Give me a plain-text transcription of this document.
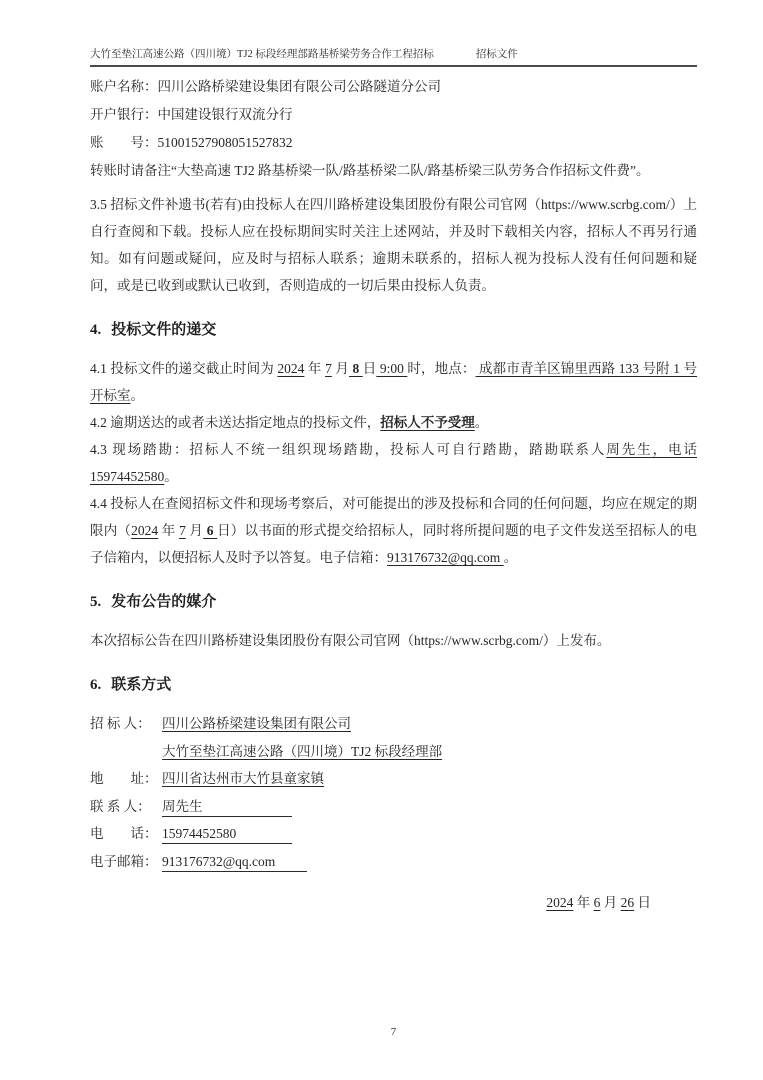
大竹至垫江高速公路（四川境）TJ2 标段经理部路基桥梁劳务合作工程招标	招标文件

账户名称：四川公路桥梁建设集团有限公司公路隧道分公司

开户银行：中国建设银行双流分行

账　　号：51001527908051527832

转账时请备注“大垫高速 TJ2 路基桥梁一队/路基桥梁二队/路基桥梁三队劳务合作招标文件费”。

3.5 招标文件补遗书(若有)由投标人在四川路桥建设集团股份有限公司官网（https://www.scrbg.com/）上自行查阅和下载。投标人应在投标期间实时关注上述网站，并及时下载相关内容，招标人不再另行通知。如有问题或疑问，应及时与招标人联系；逾期未联系的，招标人视为投标人没有任何问题和疑问，或是已收到或默认已收到，否则造成的一切后果由投标人负责。

4. 投标文件的递交

4.1 投标文件的递交截止时间为 2024 年 7 月 8 日 9:00 时，地点： 成都市青羊区锦里西路 133 号附 1 号开标室。

4.2 逾期送达的或者未送达指定地点的投标文件，招标人不予受理。

4.3 现场踏勘：招标人不统一组织现场踏勘，投标人可自行踏勘，踏勘联系人周先生，电话 15974452580。

4.4 投标人在查阅招标文件和现场考察后，对可能提出的涉及投标和合同的任何问题，均应在规定的期限内（2024 年 7 月 6 日）以书面的形式提交给招标人，同时将所提问题的电子文件发送至招标人的电子信箱内，以便招标人及时予以答复。电子信箱：913176732@qq.com 。

5. 发布公告的媒介

本次招标公告在四川路桥建设集团股份有限公司官网（https://www.scrbg.com/）上发布。

6. 联系方式

招 标 人： 四川公路桥梁建设集团有限公司

大竹至垫江高速公路（四川境）TJ2 标段经理部

地　　址： 四川省达州市大竹县童家镇

联 系 人： 周先生

电　　话： 15974452580

电子邮箱： 913176732@qq.com

2024 年 6 月 26 日

7
